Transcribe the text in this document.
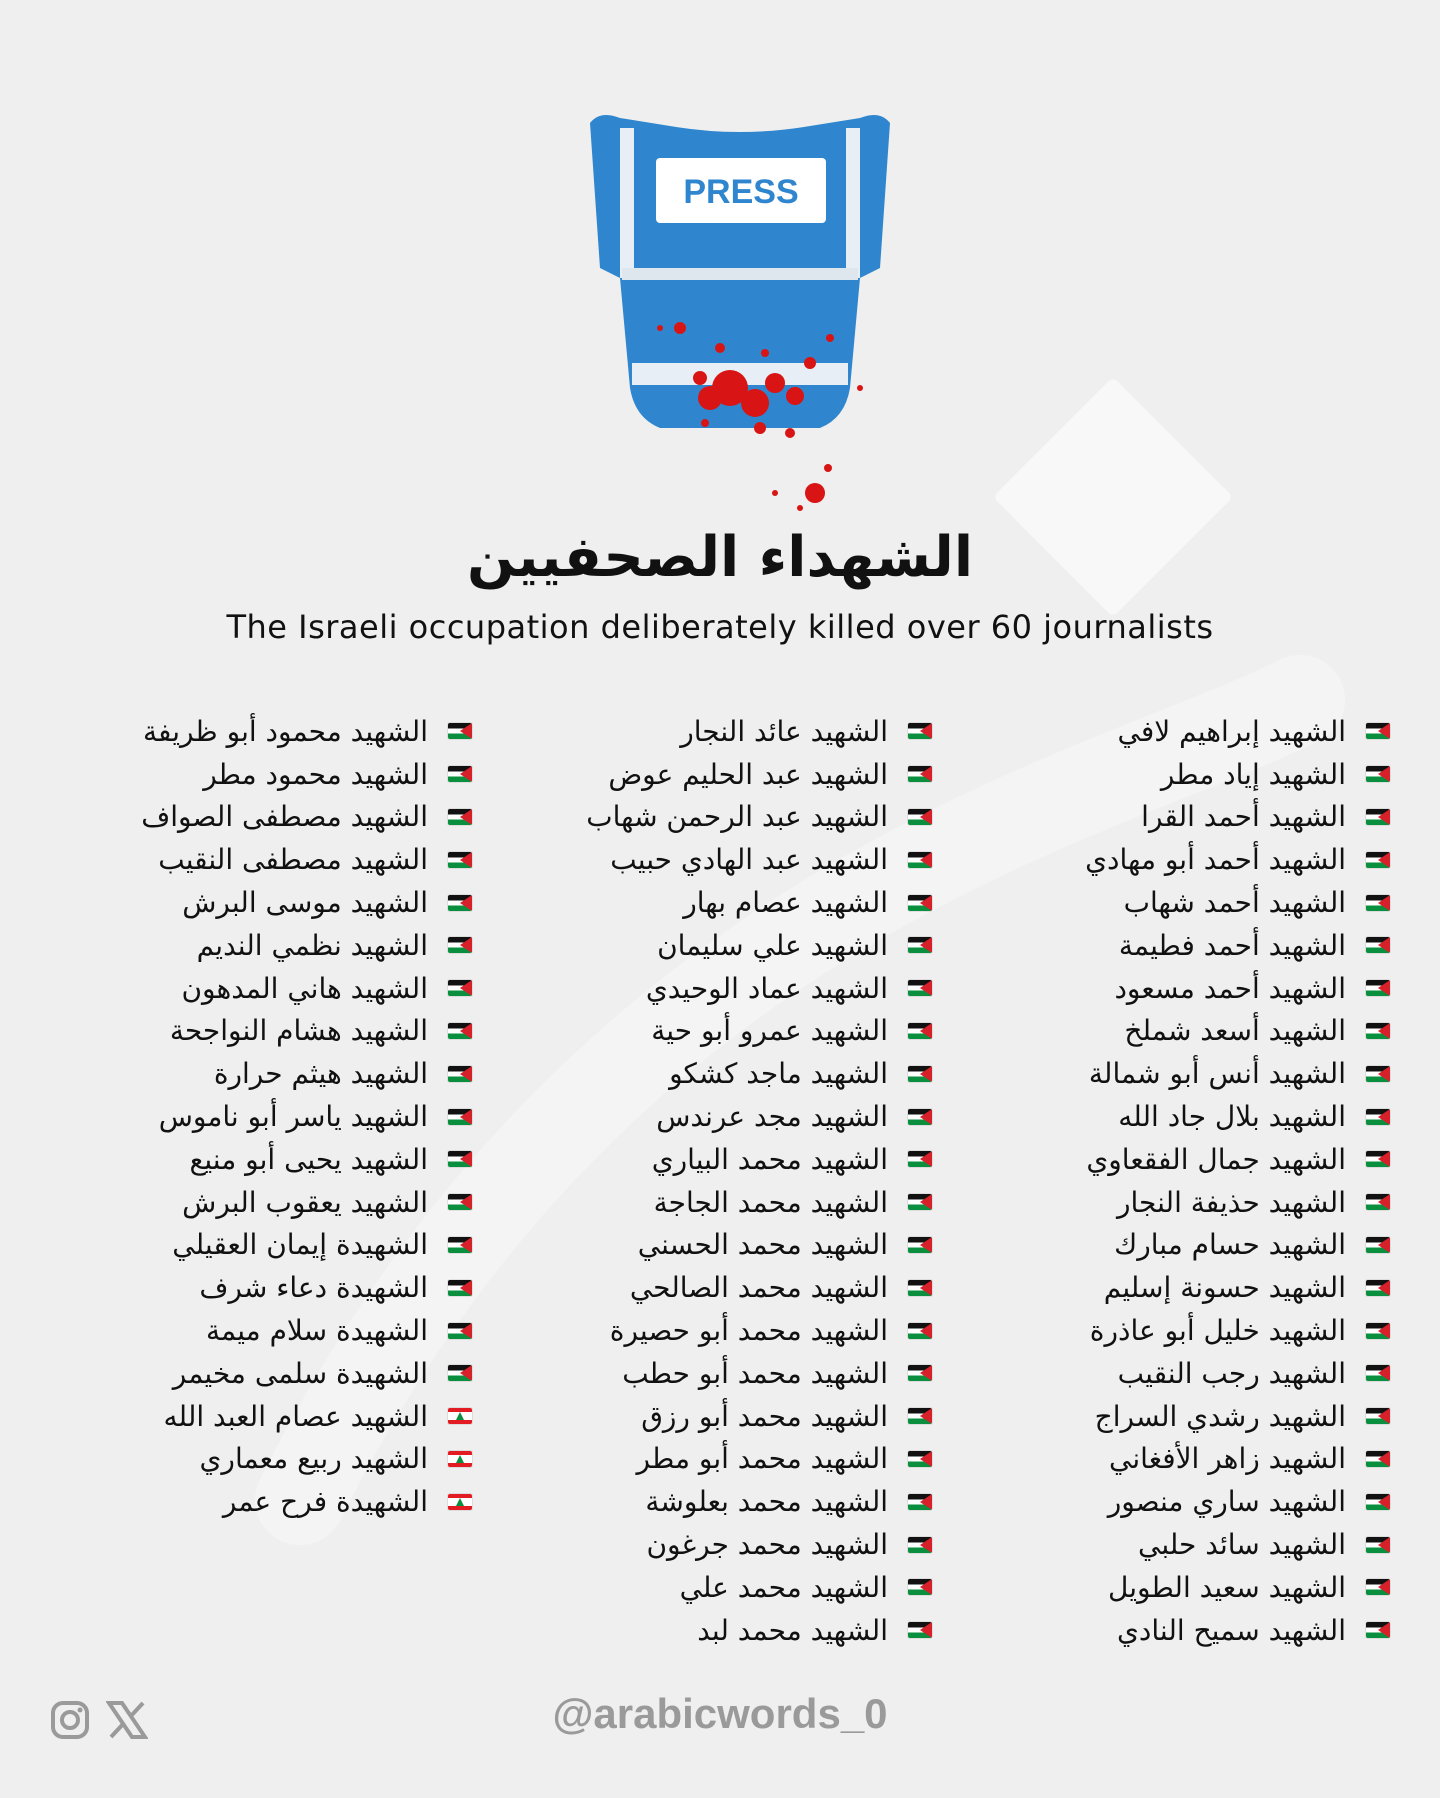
PRESS
الشهداء الصحفيين
The Israeli occupation deliberately killed over 60 journalists
الشهيد إبراهيم لافي
الشهيد إياد مطر
الشهيد أحمد القرا
الشهيد أحمد أبو مهادي
الشهيد أحمد شهاب
الشهيد أحمد فطيمة
الشهيد أحمد مسعود
الشهيد أسعد شملخ
الشهيد أنس أبو شمالة
الشهيد بلال جاد الله
الشهيد جمال الفقعاوي
الشهيد حذيفة النجار
الشهيد حسام مبارك
الشهيد حسونة إسليم
الشهيد خليل أبو عاذرة
الشهيد رجب النقيب
الشهيد رشدي السراج
الشهيد زاهر الأفغاني
الشهيد ساري منصور
الشهيد سائد حلبي
الشهيد سعيد الطويل
الشهيد سميح النادي
الشهيد عائد النجار
الشهيد عبد الحليم عوض
الشهيد عبد الرحمن شهاب
الشهيد عبد الهادي حبيب
الشهيد عصام بهار
الشهيد علي سليمان
الشهيد عماد الوحيدي
الشهيد عمرو أبو حية
الشهيد ماجد كشكو
الشهيد مجد عرندس
الشهيد محمد البياري
الشهيد محمد الجاجة
الشهيد محمد الحسني
الشهيد محمد الصالحي
الشهيد محمد أبو حصيرة
الشهيد محمد أبو حطب
الشهيد محمد أبو رزق
الشهيد محمد أبو مطر
الشهيد محمد بعلوشة
الشهيد محمد جرغون
الشهيد محمد علي
الشهيد محمد لبد
الشهيد محمود أبو ظريفة
الشهيد محمود مطر
الشهيد مصطفى الصواف
الشهيد مصطفى النقيب
الشهيد موسى البرش
الشهيد نظمي النديم
الشهيد هاني المدهون
الشهيد هشام النواجحة
الشهيد هيثم حرارة
الشهيد ياسر أبو ناموس
الشهيد يحيى أبو منيع
الشهيد يعقوب البرش
الشهيدة إيمان العقيلي
الشهيدة دعاء شرف
الشهيدة سلام ميمة
الشهيدة سلمى مخيمر
الشهيد عصام العبد الله
الشهيد ربيع معماري
الشهيدة فرح عمر
@arabicwords_0
